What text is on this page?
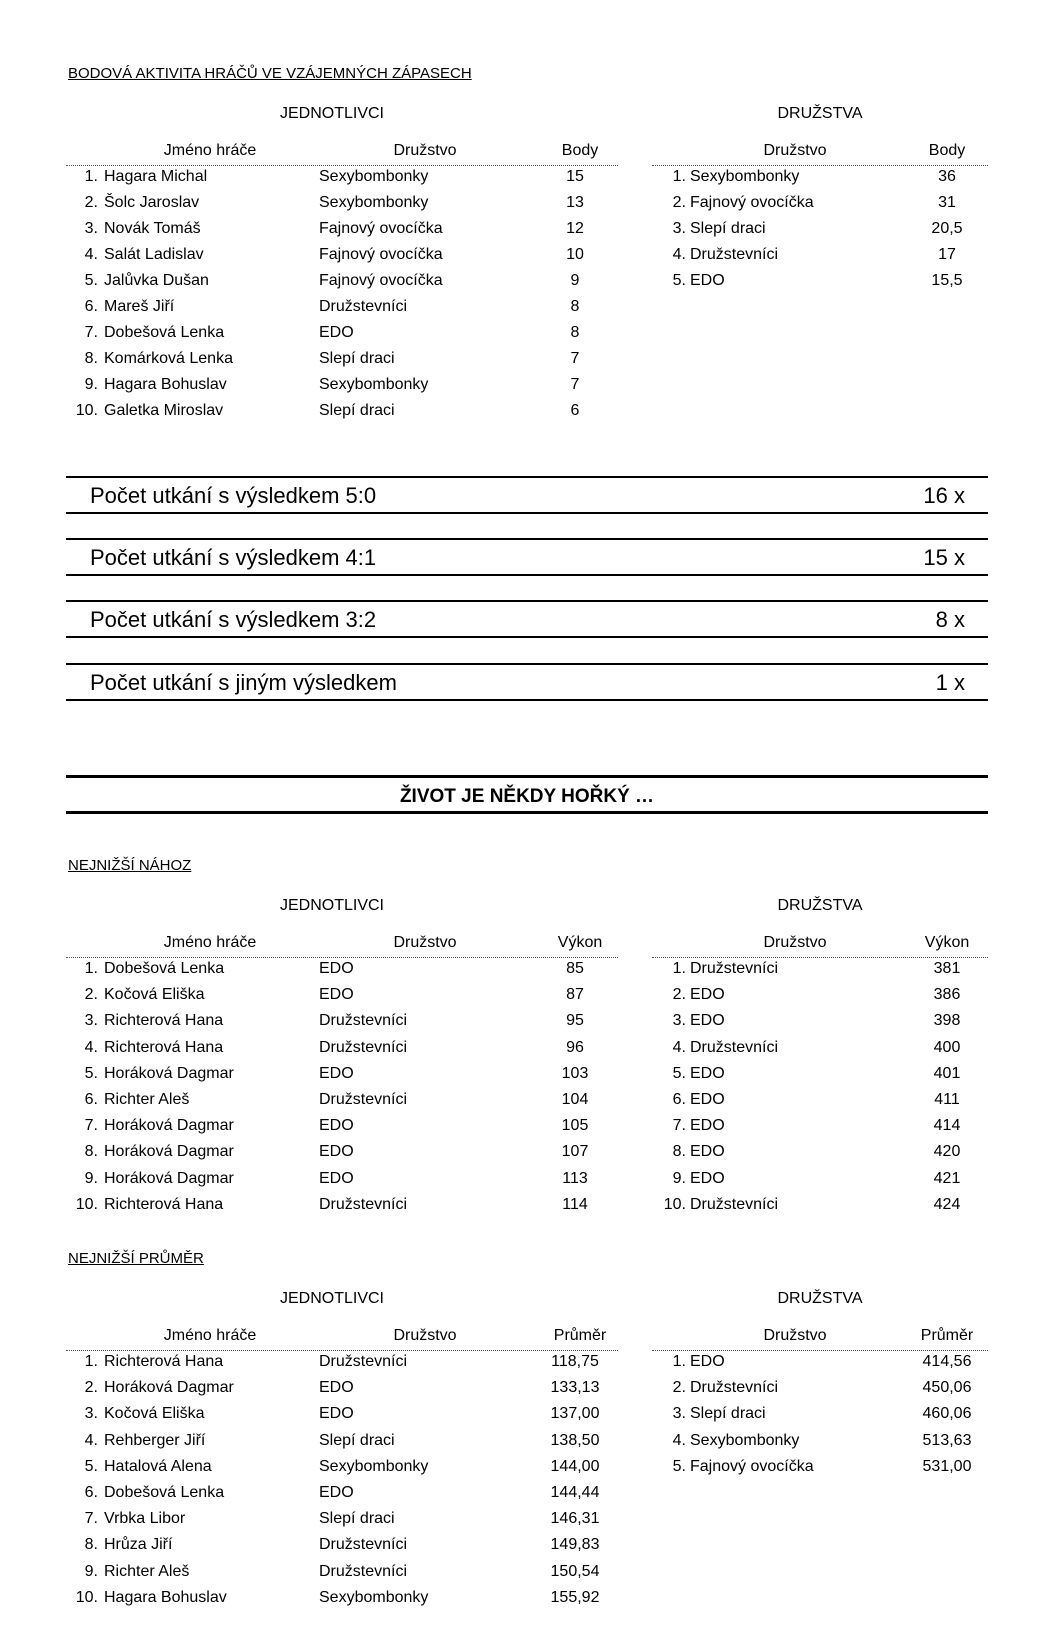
BODOVÁ AKTIVITA HRÁČŮ VE VZÁJEMNÝCH ZÁPASECH
JEDNOTLIVCI	DRUŽSTVA
Jméno hráče	Družstvo	Body	Družstvo	Body
1. Hagara Michal	Sexybombonky	15
2. Šolc Jaroslav	Sexybombonky	13
3. Novák Tomáš	Fajnový ovocíčka	12
4. Salát Ladislav	Fajnový ovocíčka	10
5. Jalůvka Dušan	Fajnový ovocíčka	9
6. Mareš Jiří	Družstevníci	8
7. Dobešová Lenka	EDO	8
8. Komárková Lenka	Slepí draci	7
9. Hagara Bohuslav	Sexybombonky	7
10. Galetka Miroslav	Slepí draci	6
1. Sexybombonky	36
2. Fajnový ovocíčka	31
3. Slepí draci	20,5
4. Družstevníci	17
5. EDO	15,5
Počet utkání s výsledkem 5:0	16 x
Počet utkání s výsledkem 4:1	15 x
Počet utkání s výsledkem 3:2	8 x
Počet utkání s jiným výsledkem	1 x
ŽIVOT JE NĚKDY HOŘKÝ …
NEJNIŽŠÍ NÁHOZ
JEDNOTLIVCI	DRUŽSTVA
Jméno hráče	Družstvo	Výkon	Družstvo	Výkon
1. Dobešová Lenka	EDO	85
2. Kočová Eliška	EDO	87
3. Richterová Hana	Družstevníci	95
4. Richterová Hana	Družstevníci	96
5. Horáková Dagmar	EDO	103
6. Richter Aleš	Družstevníci	104
7. Horáková Dagmar	EDO	105
8. Horáková Dagmar	EDO	107
9. Horáková Dagmar	EDO	113
10. Richterová Hana	Družstevníci	114
1. Družstevníci	381
2. EDO	386
3. EDO	398
4. Družstevníci	400
5. EDO	401
6. EDO	411
7. EDO	414
8. EDO	420
9. EDO	421
10. Družstevníci	424
NEJNIŽŠÍ PRŮMĚR
JEDNOTLIVCI	DRUŽSTVA
Jméno hráče	Družstvo	Průměr	Družstvo	Průměr
1. Richterová Hana	Družstevníci	118,75
2. Horáková Dagmar	EDO	133,13
3. Kočová Eliška	EDO	137,00
4. Rehberger Jiří	Slepí draci	138,50
5. Hatalová Alena	Sexybombonky	144,00
6. Dobešová Lenka	EDO	144,44
7. Vrbka Libor	Slepí draci	146,31
8. Hrůza Jiří	Družstevníci	149,83
9. Richter Aleš	Družstevníci	150,54
10. Hagara Bohuslav	Sexybombonky	155,92
1. EDO	414,56
2. Družstevníci	450,06
3. Slepí draci	460,06
4. Sexybombonky	513,63
5. Fajnový ovocíčka	531,00
